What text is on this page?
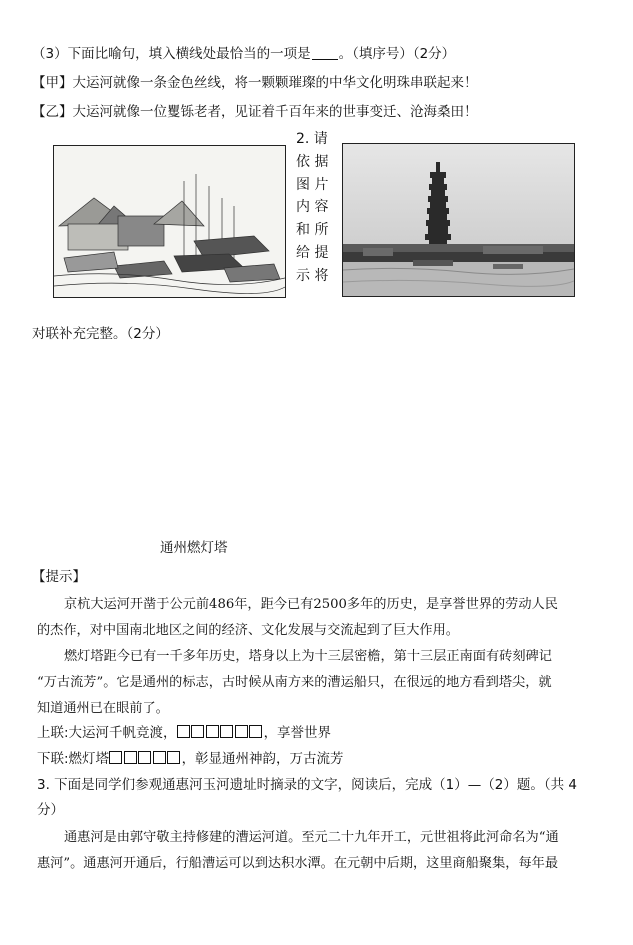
（3）下面比喻句，填入横线处最恰当的一项是 。（填序号）（2分）
【甲】大运河就像一条金色丝线，将一颗颗璀璨的中华文化明珠串联起来！
【乙】大运河就像一位矍铄老者，见证着千百年来的世事变迁、沧海桑田！
2. 请
依 据
图 片
内 容
和 所
给 提
示 将
对联补充完整。（2分）
通州燃灯塔
【提示】
京杭大运河开凿于公元前486年，距今已有2500多年的历史，是享誉世界的劳动人民
的杰作，对中国南北地区之间的经济、文化发展与交流起到了巨大作用。
燃灯塔距今已有一千多年历史，塔身以上为十三层密檐，第十三层正南面有砖刻碑记
“万古流芳”。它是通州的标志，古时候从南方来的漕运船只，在很远的地方看到塔尖，就
知道通州已在眼前了。
上联:大运河千帆竞渡，	，享誉世界
下联:燃灯塔	，彰显通州神韵，万古流芳
3. 下面是同学们参观通惠河玉河遗址时摘录的文字，阅读后，完成（1）—（2）题。（共 4
分）
通惠河是由郭守敬主持修建的漕运河道。至元二十九年开工，元世祖将此河命名为“通
惠河”。通惠河开通后，行船漕运可以到达积水潭。在元朝中后期，这里商船聚集，每年最
